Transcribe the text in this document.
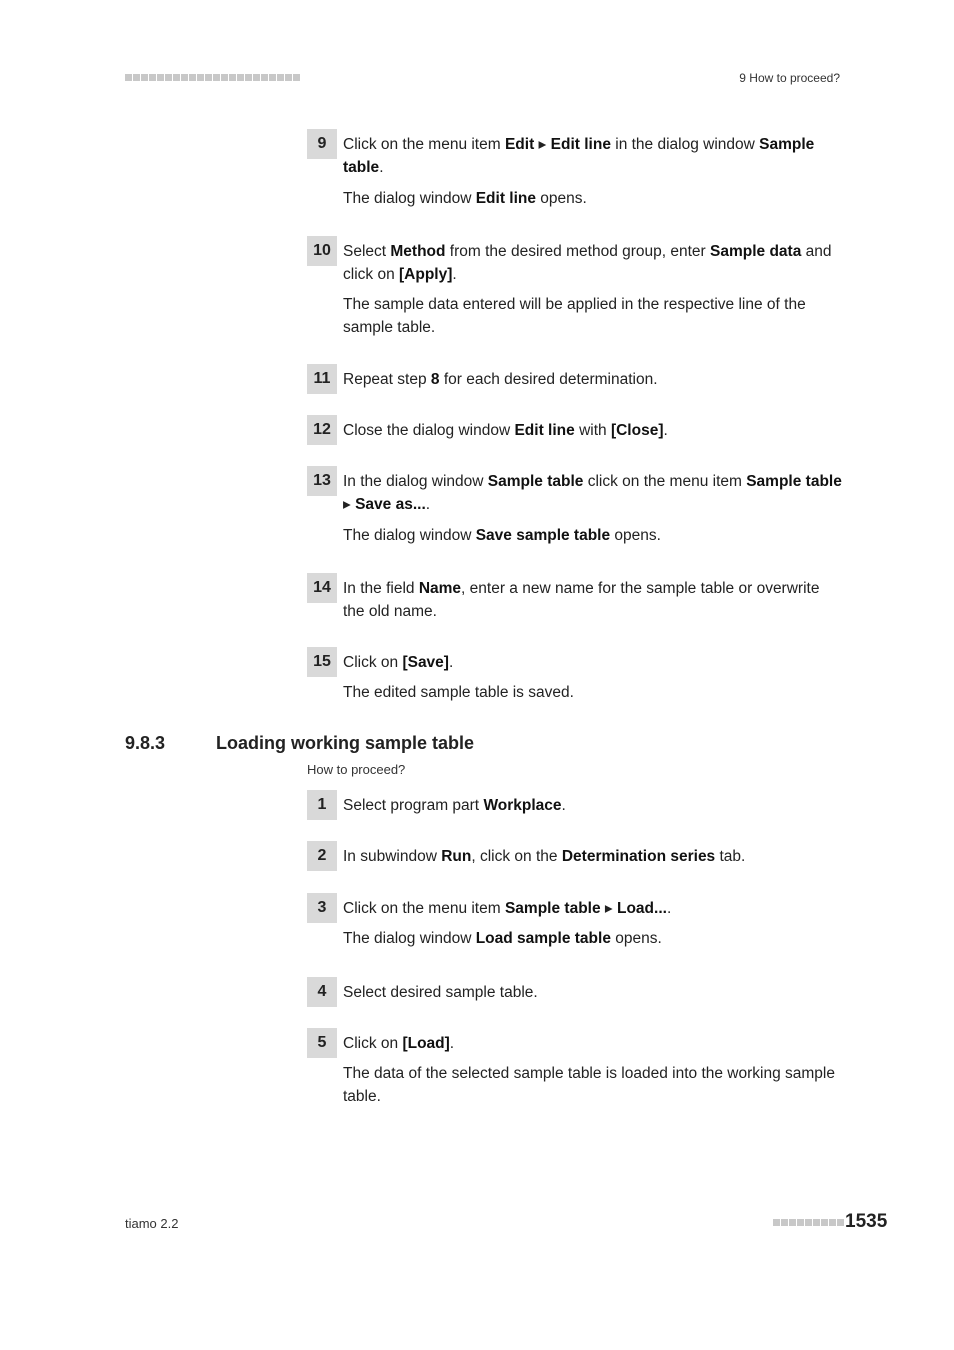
9 How to proceed?
9	Click on the menu item Edit ▸ Edit line in the dialog window Sample table.
The dialog window Edit line opens.
10 Select Method from the desired method group, enter Sample data and click on [Apply].
The sample data entered will be applied in the respective line of the sample table.
11 Repeat step 8 for each desired determination.
12 Close the dialog window Edit line with [Close].
13 In the dialog window Sample table click on the menu item Sample table ▸ Save as....
The dialog window Save sample table opens.
14 In the field Name, enter a new name for the sample table or overwrite the old name.
15 Click on [Save].
The edited sample table is saved.
9.8.3	Loading working sample table
How to proceed?
1	Select program part Workplace.
2	In subwindow Run, click on the Determination series tab.
3	Click on the menu item Sample table ▸ Load....
The dialog window Load sample table opens.
4	Select desired sample table.
5	Click on [Load].
The data of the selected sample table is loaded into the working sample table.
tiamo 2.2	1535
